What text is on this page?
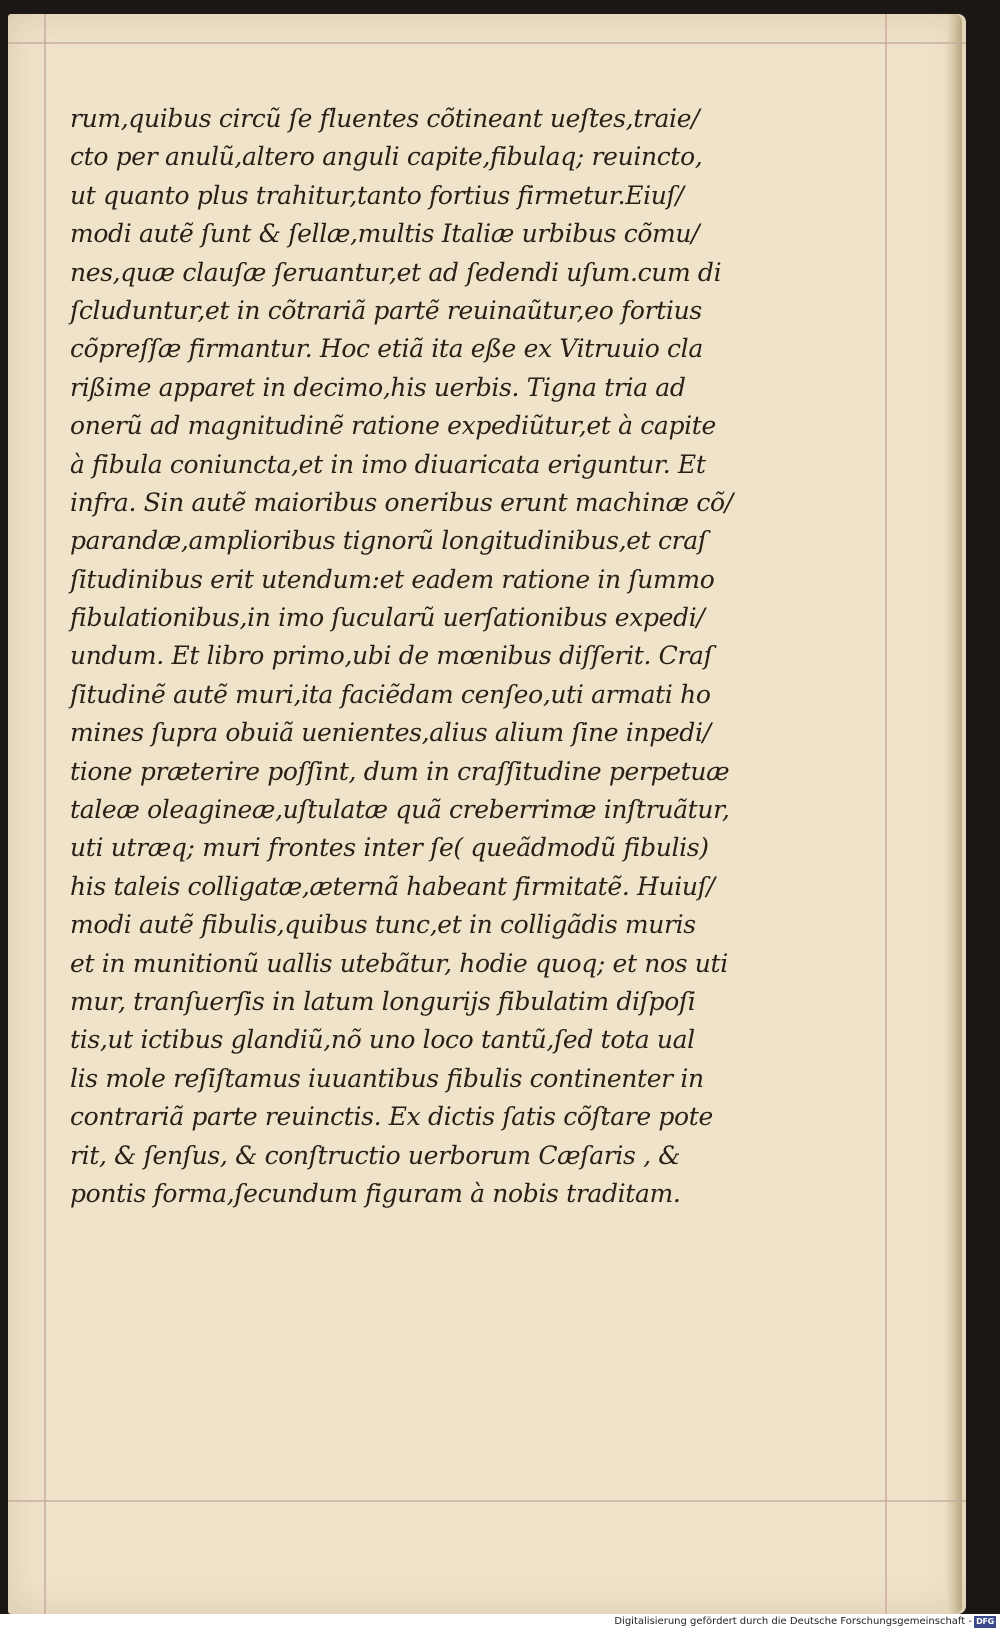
rum,quibus circũ ſe fluentes cõtineant ueſtes,traie/
cto per anulũ,altero anguli capite,fibulaq; reuincto,
ut quanto plus trahitur,tanto fortius firmetur.Eiuſ/
modi autẽ ſunt & ſellæ,multis Italiæ urbibus cõmu/
nes,quæ clauſæ ſeruantur,et ad ſedendi uſum.cum di
ſcluduntur,et in cõtrariã partẽ reuinaũtur,eo fortius
cõpreſſæ firmantur. Hoc etiã ita eße ex Vitruuio cla
rißime apparet in decimo,his uerbis. Tigna tria ad
onerũ ad magnitudinẽ ratione expediũtur,et à capite
à fibula coniuncta,et in imo diuaricata eriguntur. Et
infra. Sin autẽ maioribus oneribus erunt machinæ cõ/
parandæ,amplioribus tignorũ longitudinibus,et craſ
ſitudinibus erit utendum:et eadem ratione in ſummo
fibulationibus,in imo ſucularũ uerſationibus expedi/
undum. Et libro primo,ubi de mœnibus diſſerit. Craſ
ſitudinẽ autẽ muri,ita faciẽdam cenſeo,uti armati ho
mines ſupra obuiã uenientes,alius alium ſine inpedi/
tione præterire poſſint, dum in craſſitudine perpetuæ
taleæ oleagineæ,uſtulatæ quã creberrimæ inſtruãtur,
uti utræq; muri frontes inter ſe( queãdmodũ fibulis)
his taleis colligatæ,æternã habeant firmitatẽ. Huiuſ/
modi autẽ fibulis,quibus tunc,et in colligãdis muris
et in munitionũ uallis utebãtur, hodie quoq; et nos uti
mur, tranſuerſis in latum longurijs fibulatim diſpoſi
tis,ut ictibus glandiũ,nõ uno loco tantũ,ſed tota ual
lis mole reſiſtamus iuuantibus fibulis continenter in
contrariã parte reuinctis. Ex dictis ſatis cõſtare pote
rit, & ſenſus, & conſtructio uerborum Cæſaris , &
pontis forma,ſecundum figuram à nobis traditam.
Digitalisierung gefördert durch die Deutsche Forschungsgemeinschaft - DFG
